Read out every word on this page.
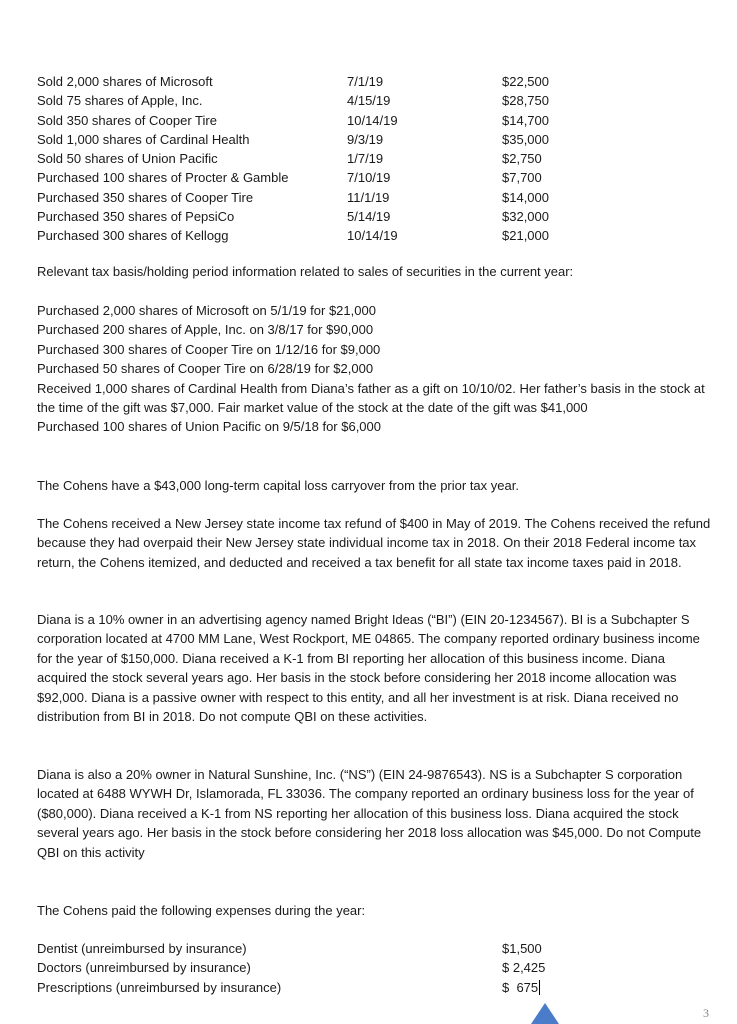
Sold 2,000 shares of Microsoft	7/1/19	$22,500
Sold 75 shares of Apple, Inc.	4/15/19	$28,750
Sold 350 shares of Cooper Tire	10/14/19	$14,700
Sold 1,000 shares of Cardinal Health	9/3/19	$35,000
Sold 50 shares of Union Pacific	1/7/19	$2,750
Purchased 100 shares of Procter & Gamble	7/10/19	$7,700
Purchased 350 shares of Cooper Tire	11/1/19	$14,000
Purchased 350 shares of PepsiCo	5/14/19	$32,000
Purchased 300 shares of Kellogg	10/14/19	$21,000

Relevant tax basis/holding period information related to sales of securities in the current year:

Purchased 2,000 shares of Microsoft on 5/1/19 for $21,000

Purchased 200 shares of Apple, Inc. on 3/8/17 for $90,000

Purchased 300 shares of Cooper Tire on 1/12/16 for $9,000

Purchased 50 shares of Cooper Tire on 6/28/19 for $2,000

Received 1,000 shares of Cardinal Health from Diana’s father as a gift on 10/10/02. Her father’s basis in the stock at the time of the gift was $7,000. Fair market value of the stock at the date of the gift was $41,000

Purchased 100 shares of Union Pacific on 9/5/18 for $6,000

The Cohens have a $43,000 long-term capital loss carryover from the prior tax year.

The Cohens received a New Jersey state income tax refund of $400 in May of 2019. The Cohens received the refund because they had overpaid their New Jersey state individual income tax in 2018. On their 2018 Federal income tax return, the Cohens itemized, and deducted and received a tax benefit for all state tax income taxes paid in 2018.

Diana is a 10% owner in an advertising agency named Bright Ideas (“BI”) (EIN 20-1234567). BI is a Subchapter S corporation located at 4700 MM Lane, West Rockport, ME 04865. The company reported ordinary business income for the year of $150,000. Diana received a K-1 from BI reporting her allocation of this business income. Diana acquired the stock several years ago. Her basis in the stock before considering her 2018 income allocation was $92,000. Diana is a passive owner with respect to this entity, and all her investment is at risk. Diana received no distribution from BI in 2018. Do not compute QBI on these activities.

Diana is also a 20% owner in Natural Sunshine, Inc. (“NS”) (EIN 24-9876543). NS is a Subchapter S corporation located at 6488 WYWH Dr, Islamorada, FL 33036. The company reported an ordinary business loss for the year of ($80,000). Diana received a K-1 from NS reporting her allocation of this business loss. Diana acquired the stock several years ago. Her basis in the stock before considering her 2018 loss allocation was $45,000. Do not Compute QBI on this activity

The Cohens paid the following expenses during the year:

Dentist (unreimbursed by insurance)	$1,500
Doctors (unreimbursed by insurance)	$ 2,425
Prescriptions (unreimbursed by insurance)	$  675
3
